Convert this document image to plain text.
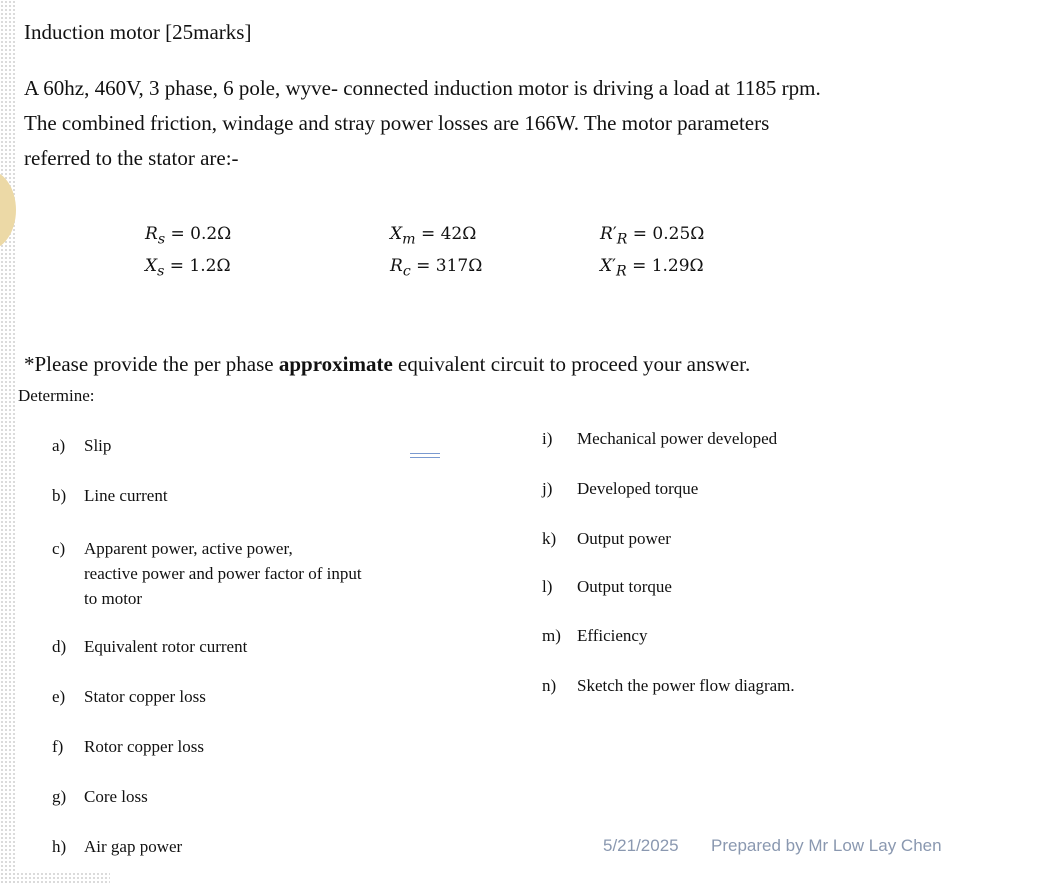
Induction motor [25marks]
A 60hz, 460V, 3 phase, 6 pole, wyve- connected induction motor is driving a load at 1185 rpm.
The combined friction, windage and stray power losses are 166W. The motor parameters
referred to the stator are:-
$R_s = 0.2\Omega$
$X_s = 1.2\Omega$
$X_m = 42\Omega$
$R_c = 317\Omega$
$R'_R = 0.25\Omega$
$X'_R = 1.29\Omega$
*Please provide the per phase approximate equivalent circuit to proceed your answer.
Determine:
a) Slip
b) Line current
c) Apparent power, active power,
reactive power and power factor of input
to motor
d) Equivalent rotor current
e) Stator copper loss
f) Rotor copper loss
g) Core loss
h) Air gap power
i) Mechanical power developed
j) Developed torque
k) Output power
l) Output torque
m) Efficiency
n) Sketch the power flow diagram.
5/21/2025 Prepared by Mr Low Lay Chen
